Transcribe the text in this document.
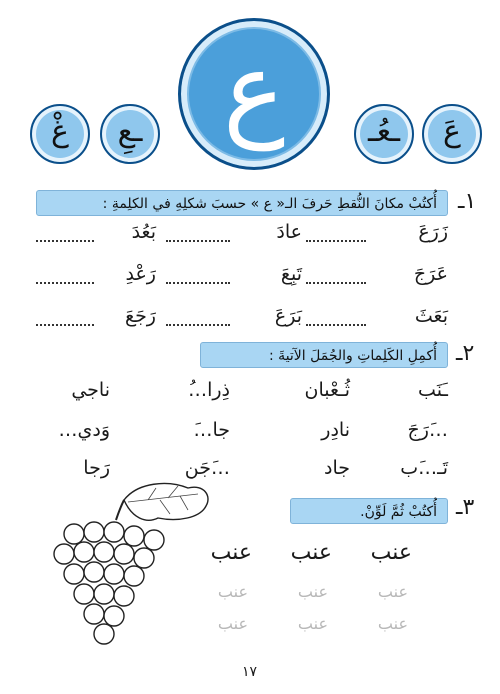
ع	عَ
ـعُـ
ـعِ
غْ
١ـ
أُكتُبْ مكانَ النُّقطِ حَرفَ الـ« ع » حسبَ شكلِهِ في الكلِمةِ :
زَرَعَ
عادَ
بَعُدَ
عَرَجَ
تَبِعَ
رَعْدِ
بَعَثَ
بَرَعَ
رَجَعَ
٢ـ
أُكمِلِ الكَلِماتِ والجُمَلَ الآتيةَ :
ـَنَب
ثُـعْبان
ذِرا…ُ
ناجي
…َرَجَ
نادِر
جا…َ
وَدي…
تَـ…َب
جاد
…َجَن
رَجا
٣ـ
أُكتُبْ ثُمَّ لَوِّنْ.
عنب
عنب
عنب
عنب
عنب
عنب
عنب
عنب
عنب
١٧
